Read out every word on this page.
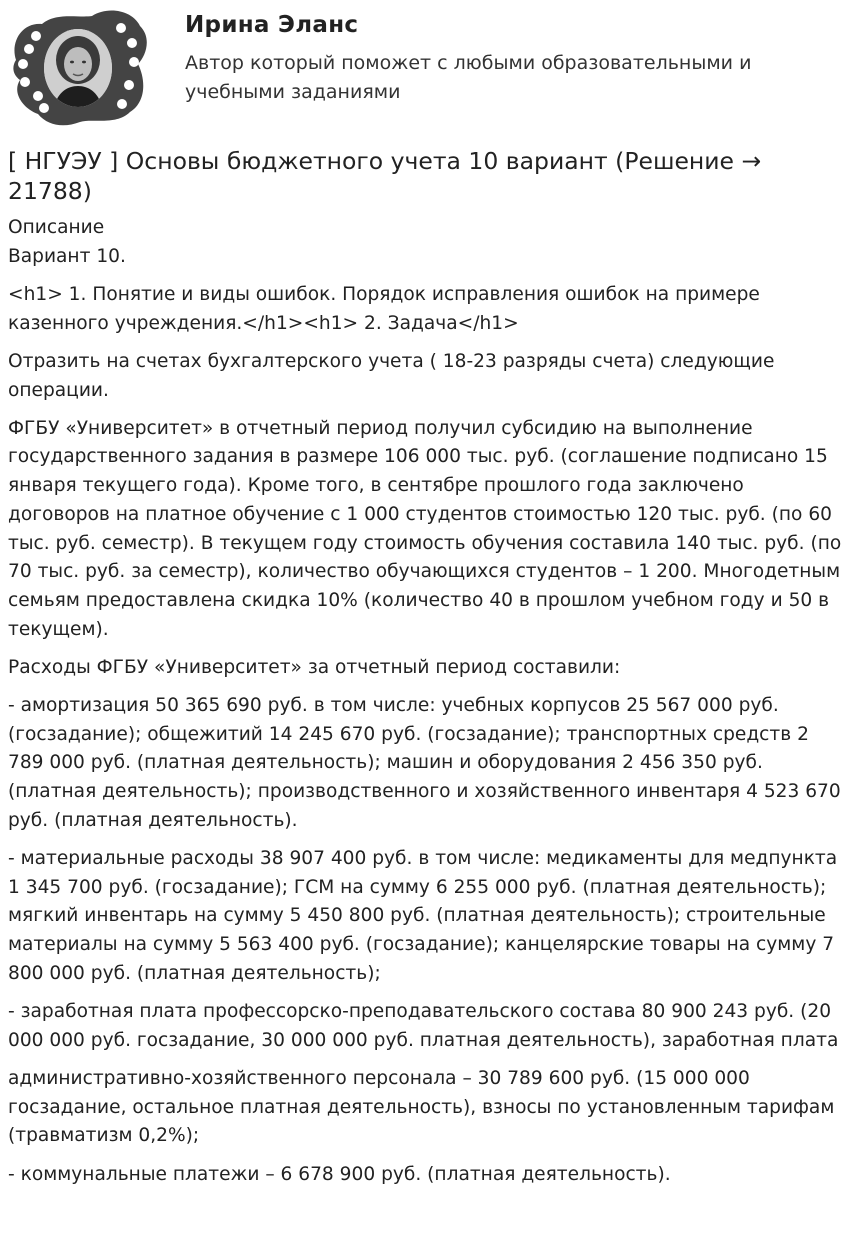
Ирина Эланс
Автор который поможет с любыми образовательными и учебными заданиями
[ НГУЭУ ] Основы бюджетного учета 10 вариант (Решение → 21788)

Описание

Вариант 10.

<h1> 1. Понятие и виды ошибок. Порядок исправления ошибок на примере казенного учреждения.</h1><h1> 2. Задача</h1>

Отразить на счетах бухгалтерского учета ( 18-23 разряды счета) следующие операции.

ФГБУ «Университет» в отчетный период получил субсидию на выполнение государственного задания в размере 106 000 тыс. руб. (соглашение подписано 15 января текущего года). Кроме того, в сентябре прошлого года заключено договоров на платное обучение с 1 000 студентов стоимостью 120 тыс. руб. (по 60 тыс. руб. семестр). В текущем году стоимость обучения составила 140 тыс. руб. (по 70 тыс. руб. за семестр), количество обучающихся студентов – 1 200. Многодетным семьям предоставлена скидка 10% (количество 40 в прошлом учебном году и 50 в текущем).

Расходы ФГБУ «Университет» за отчетный период составили:

- амортизация 50 365 690 руб. в том числе: учебных корпусов 25 567 000 руб. (госзадание); общежитий 14 245 670 руб. (госзадание); транспортных средств 2 789 000 руб. (платная деятельность); машин и оборудования 2 456 350 руб. (платная деятельность); производственного и хозяйственного инвентаря 4 523 670 руб. (платная деятельность).

- материальные расходы 38 907 400 руб. в том числе: медикаменты для медпункта 1 345 700 руб. (госзадание); ГСМ на сумму 6 255 000 руб. (платная деятельность); мягкий инвентарь на сумму 5 450 800 руб. (платная деятельность); строительные материалы на сумму 5 563 400 руб. (госзадание); канцелярские товары на сумму 7 800 000 руб. (платная деятельность);

- заработная плата профессорско-преподавательского состава 80 900 243 руб. (20 000 000 руб. госзадание, 30 000 000 руб. платная деятельность), заработная плата

административно-хозяйственного персонала – 30 789 600 руб. (15 000 000 госзадание, остальное платная деятельность), взносы по установленным тарифам (травматизм 0,2%);

- коммунальные платежи – 6 678 900 руб. (платная деятельность).
